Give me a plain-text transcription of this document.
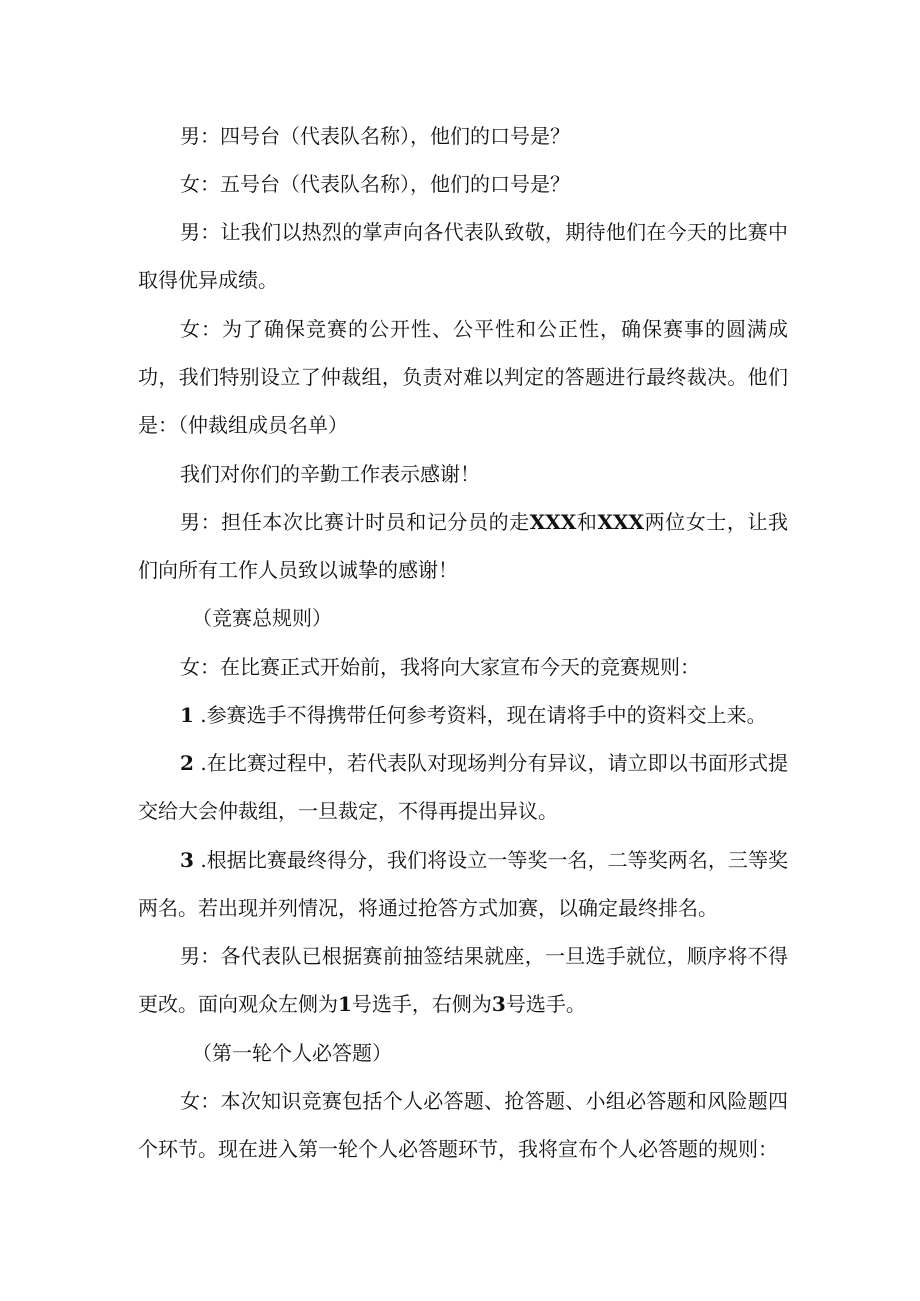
男：四号台（代表队名称），他们的口号是？

女：五号台（代表队名称），他们的口号是？

男：让我们以热烈的掌声向各代表队致敬，期待他们在今天的比赛中取得优异成绩。

女：为了确保竞赛的公开性、公平性和公正性，确保赛事的圆满成功，我们特别设立了仲裁组，负责对难以判定的答题进行最终裁决。他们是：（仲裁组成员名单）

我们对你们的辛勤工作表示感谢！

男：担任本次比赛计时员和记分员的走XXX和XXX两位女士，让我们向所有工作人员致以诚挚的感谢！

（竞赛总规则）

女：在比赛正式开始前，我将向大家宣布今天的竞赛规则：

1 .参赛选手不得携带任何参考资料，现在请将手中的资料交上来。

2 .在比赛过程中，若代表队对现场判分有异议，请立即以书面形式提交给大会仲裁组，一旦裁定，不得再提出异议。

3 .根据比赛最终得分，我们将设立一等奖一名，二等奖两名，三等奖两名。若出现并列情况，将通过抢答方式加赛，以确定最终排名。

男：各代表队已根据赛前抽签结果就座，一旦选手就位，顺序将不得更改。面向观众左侧为1号选手，右侧为3号选手。

（第一轮个人必答题）

女：本次知识竞赛包括个人必答题、抢答题、小组必答题和风险题四个环节。现在进入第一轮个人必答题环节，我将宣布个人必答题的规则：
